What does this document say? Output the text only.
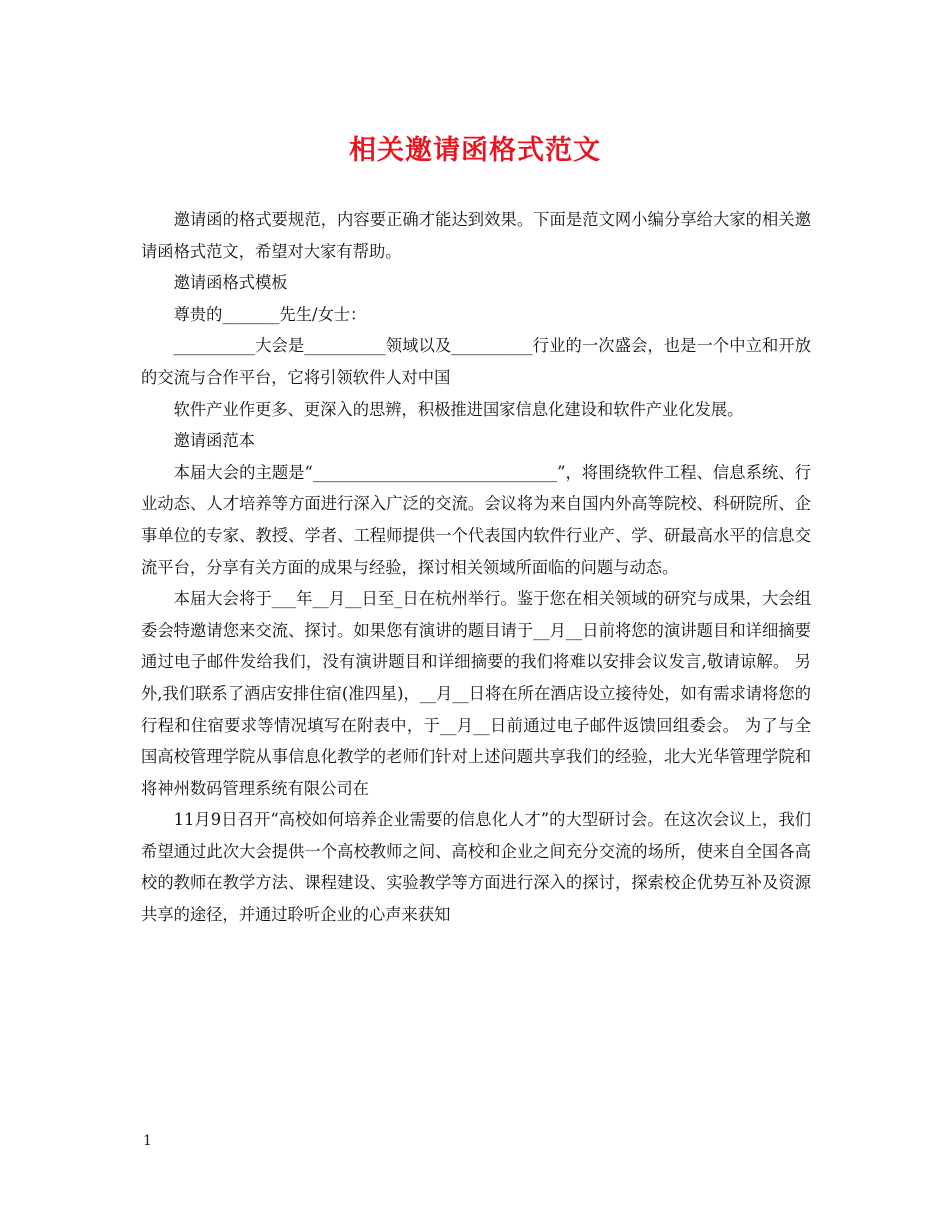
相关邀请函格式范文

邀请函的格式要规范，内容要正确才能达到效果。下面是范文网小编分享给大家的相关邀请函格式范文，希望对大家有帮助。

邀请函格式模板

尊贵的_______先生/女士：

__________大会是__________领域以及__________行业的一次盛会，也是一个中立和开放的交流与合作平台，它将引领软件人对中国

软件产业作更多、更深入的思辨，积极推进国家信息化建设和软件产业化发展。

邀请函范本

本届大会的主题是“______________________________”，将围绕软件工程、信息系统、行业动态、人才培养等方面进行深入广泛的交流。会议将为来自国内外高等院校、科研院所、企事单位的专家、教授、学者、工程师提供一个代表国内软件行业产、学、研最高水平的信息交流平台，分享有关方面的成果与经验，探讨相关领域所面临的问题与动态。

本届大会将于___年__月__日至_日在杭州举行。鉴于您在相关领域的研究与成果，大会组委会特邀请您来交流、探讨。如果您有演讲的题目请于__月__日前将您的演讲题目和详细摘要通过电子邮件发给我们，没有演讲题目和详细摘要的我们将难以安排会议发言,敬请谅解。 另外,我们联系了酒店安排住宿(准四星)，__月__日将在所在酒店设立接待处，如有需求请将您的行程和住宿要求等情况填写在附表中，于__月__日前通过电子邮件返馈回组委会。 为了与全国高校管理学院从事信息化教学的老师们针对上述问题共享我们的经验，北大光华管理学院和将神州数码管理系统有限公司在

11月9日召开“高校如何培养企业需要的信息化人才”的大型研讨会。在这次会议上，我们希望通过此次大会提供一个高校教师之间、高校和企业之间充分交流的场所，使来自全国各高校的教师在教学方法、课程建设、实验教学等方面进行深入的探讨，探索校企优势互补及资源共享的途径，并通过聆听企业的心声来获知

1
